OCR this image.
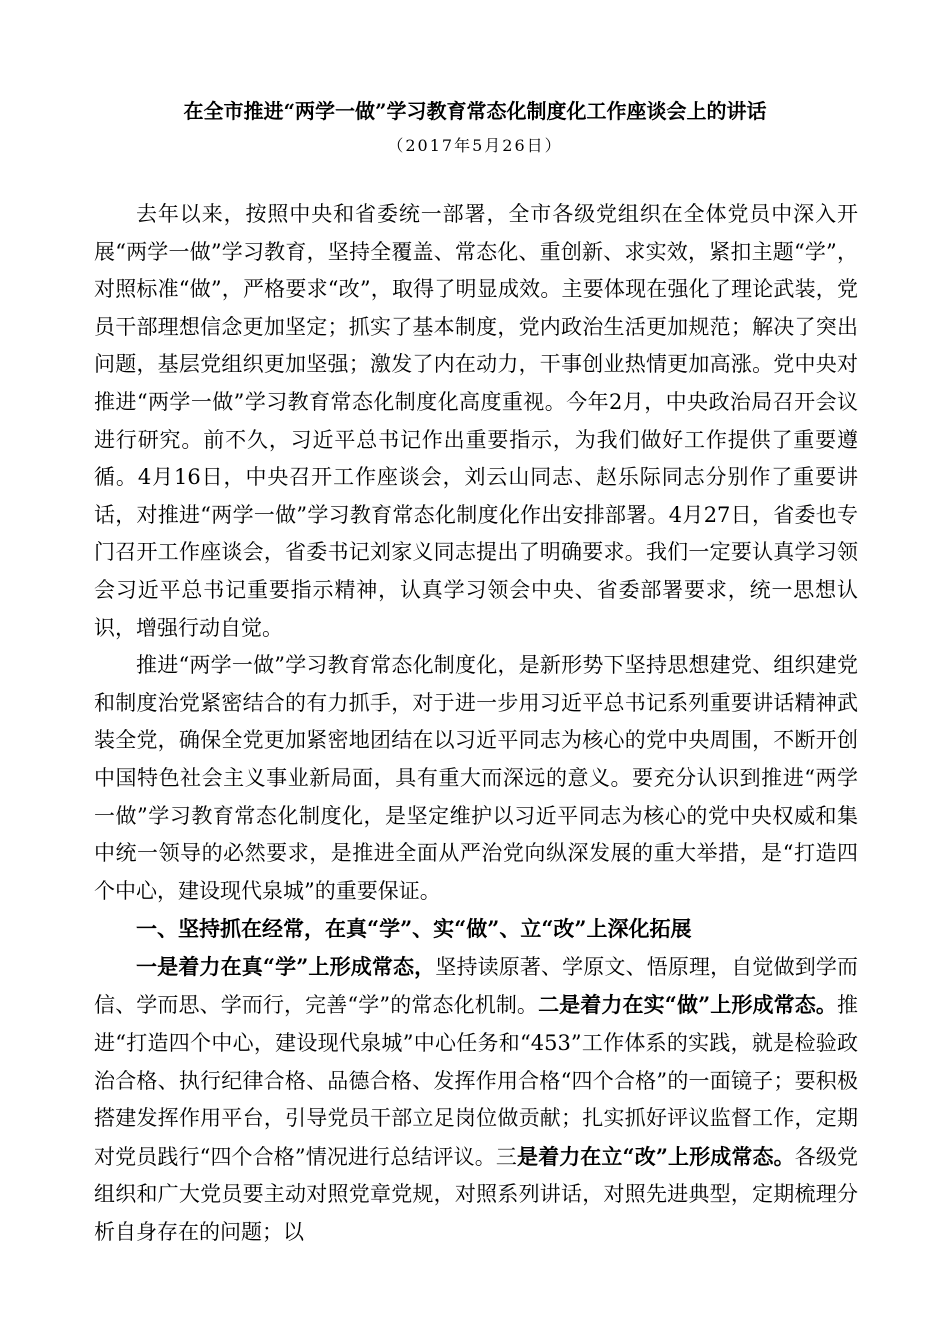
在全市推进“两学一做”学习教育常态化制度化工作座谈会上的讲话
（2017年5月26日）

去年以来，按照中央和省委统一部署，全市各级党组织在全体党员中深入开展“两学一做”学习教育，坚持全覆盖、常态化、重创新、求实效，紧扣主题“学”，对照标准“做”，严格要求“改”，取得了明显成效。主要体现在强化了理论武装，党员干部理想信念更加坚定；抓实了基本制度，党内政治生活更加规范；解决了突出问题，基层党组织更加坚强；激发了内在动力，干事创业热情更加高涨。党中央对推进“两学一做”学习教育常态化制度化高度重视。今年2月，中央政治局召开会议进行研究。前不久，习近平总书记作出重要指示，为我们做好工作提供了重要遵循。4月16日，中央召开工作座谈会，刘云山同志、赵乐际同志分别作了重要讲话，对推进“两学一做”学习教育常态化制度化作出安排部署。4月27日，省委也专门召开工作座谈会，省委书记刘家义同志提出了明确要求。我们一定要认真学习领会习近平总书记重要指示精神，认真学习领会中央、省委部署要求，统一思想认识，增强行动自觉。

推进“两学一做”学习教育常态化制度化，是新形势下坚持思想建党、组织建党和制度治党紧密结合的有力抓手，对于进一步用习近平总书记系列重要讲话精神武装全党，确保全党更加紧密地团结在以习近平同志为核心的党中央周围，不断开创中国特色社会主义事业新局面，具有重大而深远的意义。要充分认识到推进“两学一做”学习教育常态化制度化，是坚定维护以习近平同志为核心的党中央权威和集中统一领导的必然要求，是推进全面从严治党向纵深发展的重大举措，是“打造四个中心，建设现代泉城”的重要保证。

一、坚持抓在经常，在真“学”、实“做”、立“改”上深化拓展

一是着力在真“学”上形成常态，坚持读原著、学原文、悟原理，自觉做到学而信、学而思、学而行，完善“学”的常态化机制。二是着力在实“做”上形成常态。推进“打造四个中心，建设现代泉城”中心任务和“453”工作体系的实践，就是检验政治合格、执行纪律合格、品德合格、发挥作用合格“四个合格”的一面镜子；要积极搭建发挥作用平台，引导党员干部立足岗位做贡献；扎实抓好评议监督工作，定期对党员践行“四个合格”情况进行总结评议。三是着力在立“改”上形成常态。各级党组织和广大党员要主动对照党章党规，对照系列讲话，对照先进典型，定期梳理分析自身存在的问题；以
